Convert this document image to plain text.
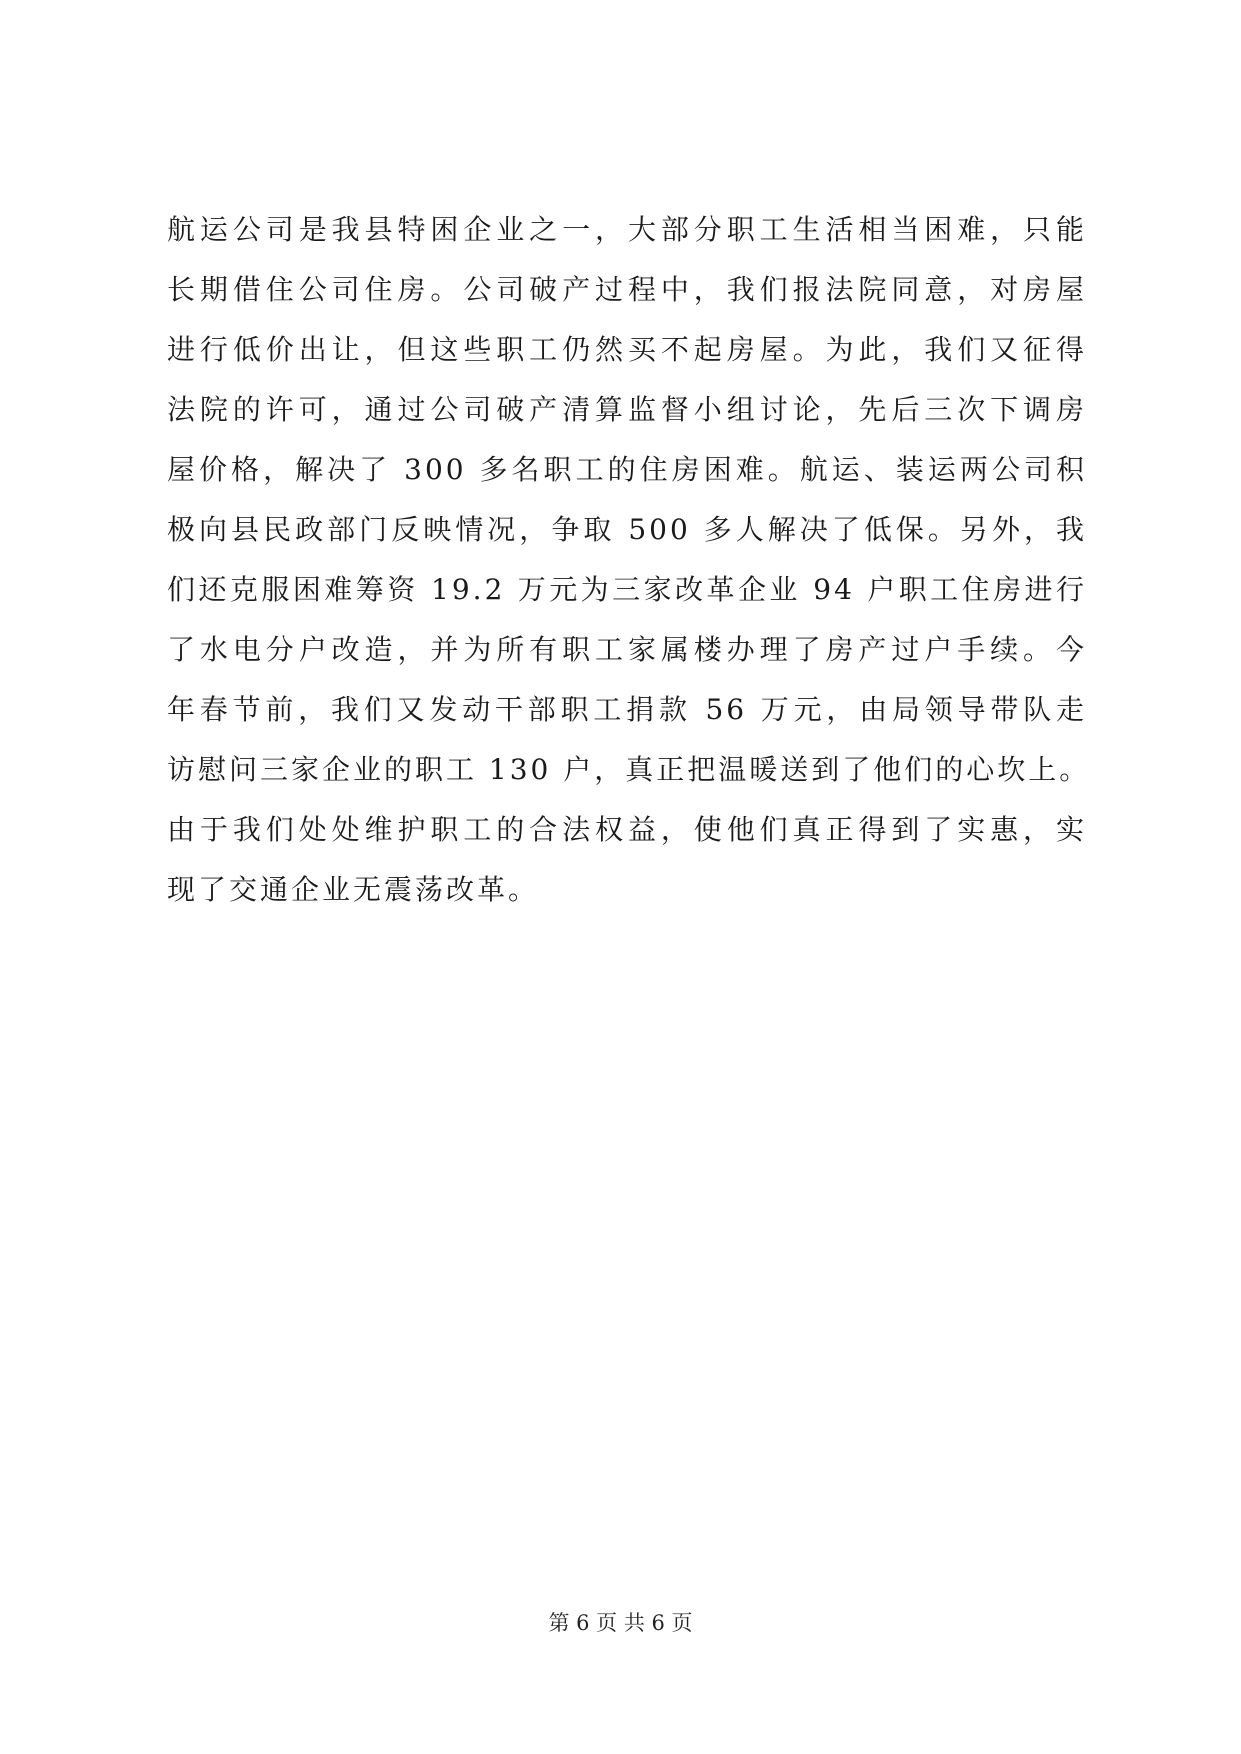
航运公司是我县特困企业之一，大部分职工生活相当困难，只能
长期借住公司住房。公司破产过程中，我们报法院同意，对房屋
进行低价出让，但这些职工仍然买不起房屋。为此，我们又征得
法院的许可，通过公司破产清算监督小组讨论，先后三次下调房
屋价格，解决了 300 多名职工的住房困难。航运、装运两公司积
极向县民政部门反映情况，争取 500 多人解决了低保。另外，我
们还克服困难筹资 19.2 万元为三家改革企业 94 户职工住房进行
了水电分户改造，并为所有职工家属楼办理了房产过户手续。今
年春节前，我们又发动干部职工捐款 56 万元，由局领导带队走
访慰问三家企业的职工 130 户，真正把温暖送到了他们的心坎上。
由于我们处处维护职工的合法权益，使他们真正得到了实惠，实
现了交通企业无震荡改革。
第 6 页 共 6 页
